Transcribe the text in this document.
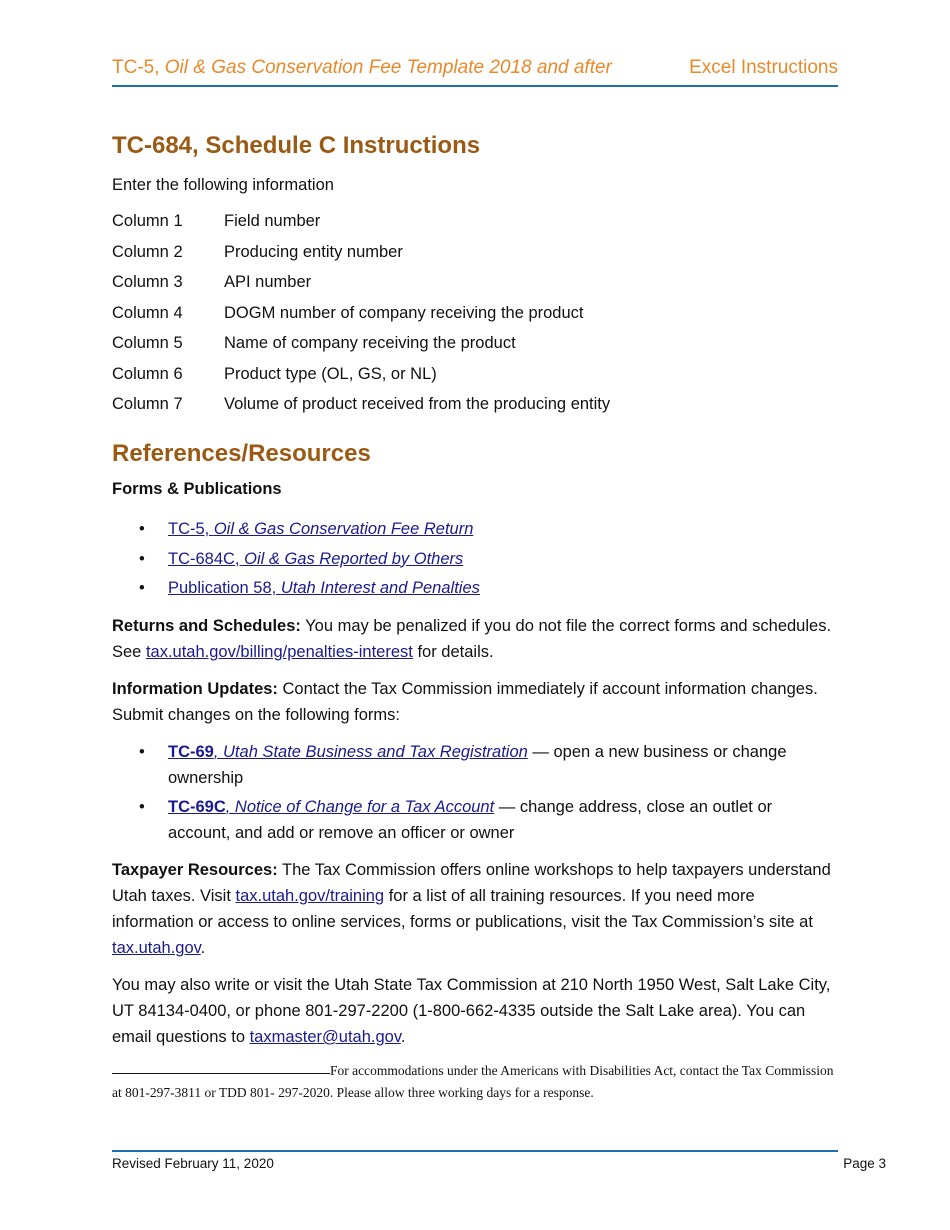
TC-5, Oil & Gas Conservation Fee Template 2018 and after	Excel Instructions
TC-684, Schedule C Instructions

Enter the following information

Column 1	Field number
Column 2	Producing entity number
Column 3	API number
Column 4	DOGM number of company receiving the product
Column 5	Name of company receiving the product
Column 6	Product type (OL, GS, or NL)
Column 7	Volume of product received from the producing entity
References/Resources
Forms & Publications
• TC-5, Oil & Gas Conservation Fee Return
• TC-684C, Oil & Gas Reported by Others
• Publication 58, Utah Interest and Penalties

Returns and Schedules: You may be penalized if you do not file the correct forms and schedules. See tax.utah.gov/billing/penalties-interest for details.

Information Updates: Contact the Tax Commission immediately if account information changes. Submit changes on the following forms:

• TC-69, Utah State Business and Tax Registration — open a new business or change ownership
• TC-69C, Notice of Change for a Tax Account — change address, close an outlet or account, and add or remove an officer or owner

Taxpayer Resources: The Tax Commission offers online workshops to help taxpayers understand Utah taxes. Visit tax.utah.gov/training for a list of all training resources. If you need more information or access to online services, forms or publications, visit the Tax Commission’s site at tax.utah.gov.

You may also write or visit the Utah State Tax Commission at 210 North 1950 West, Salt Lake City, UT 84134-0400, or phone 801-297-2200 (1-800-662-4335 outside the Salt Lake area). You can email questions to taxmaster@utah.gov.

For accommodations under the Americans with Disabilities Act, contact the Tax Commission at 801-297-3811 or TDD 801- 297-2020. Please allow three working days for a response.
Revised February 11, 2020	Page 3
